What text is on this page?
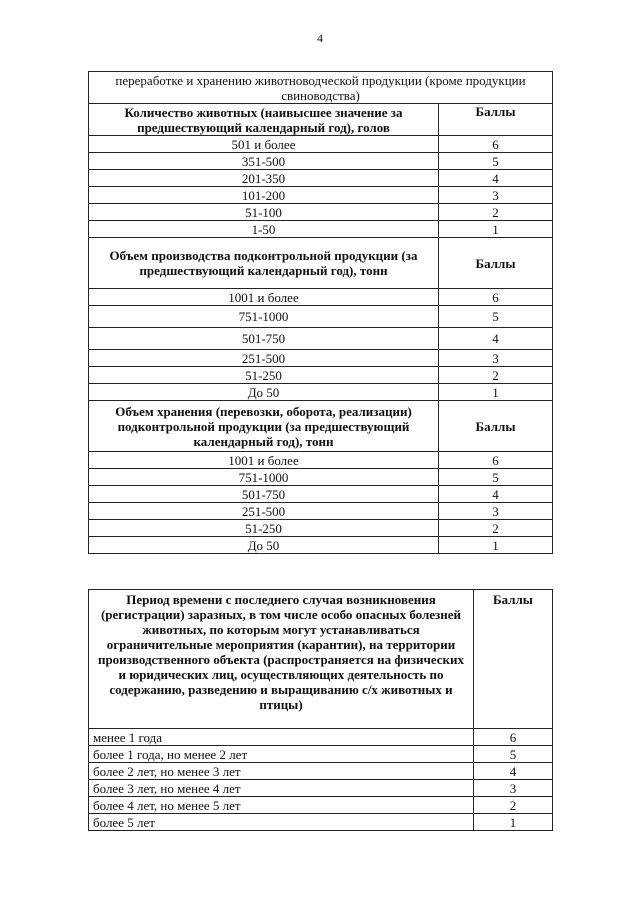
4
переработке и хранению животноводческой продукции (кроме продукции свиноводства)	
Количество животных (наивысшее значение за предшествующий календарный год), голов	Баллы
501 и более	6
351-500	5
201-350	4
101-200	3
51-100	2
1-50	1
Объем производства подконтрольной продукции (за предшествующий календарный год), тонн	Баллы
1001 и более	6
751-1000	5
501-750	4
251-500	3
51-250	2
До 50	1
Объем хранения (перевозки, оборота, реализации) подконтрольной продукции (за предшествующий календарный год), тонн	Баллы
1001 и более	6
751-1000	5
501-750	4
251-500	3
51-250	2
До 50	1
Период времени с последнего случая возникновения (регистрации) заразных, в том числе особо опасных болезней животных, по которым могут устанавливаться ограничительные мероприятия (карантин), на территории производственного объекта (распространяется на физических и юридических лиц, осуществляющих деятельность по содержанию, разведению и выращиванию с/х животных и птицы)	Баллы
менее 1 года	6
более 1 года, но менее 2 лет	5
более 2 лет, но менее 3 лет	4
более 3 лет, но менее 4 лет	3
более 4 лет, но менее 5 лет	2
более 5 лет	1
